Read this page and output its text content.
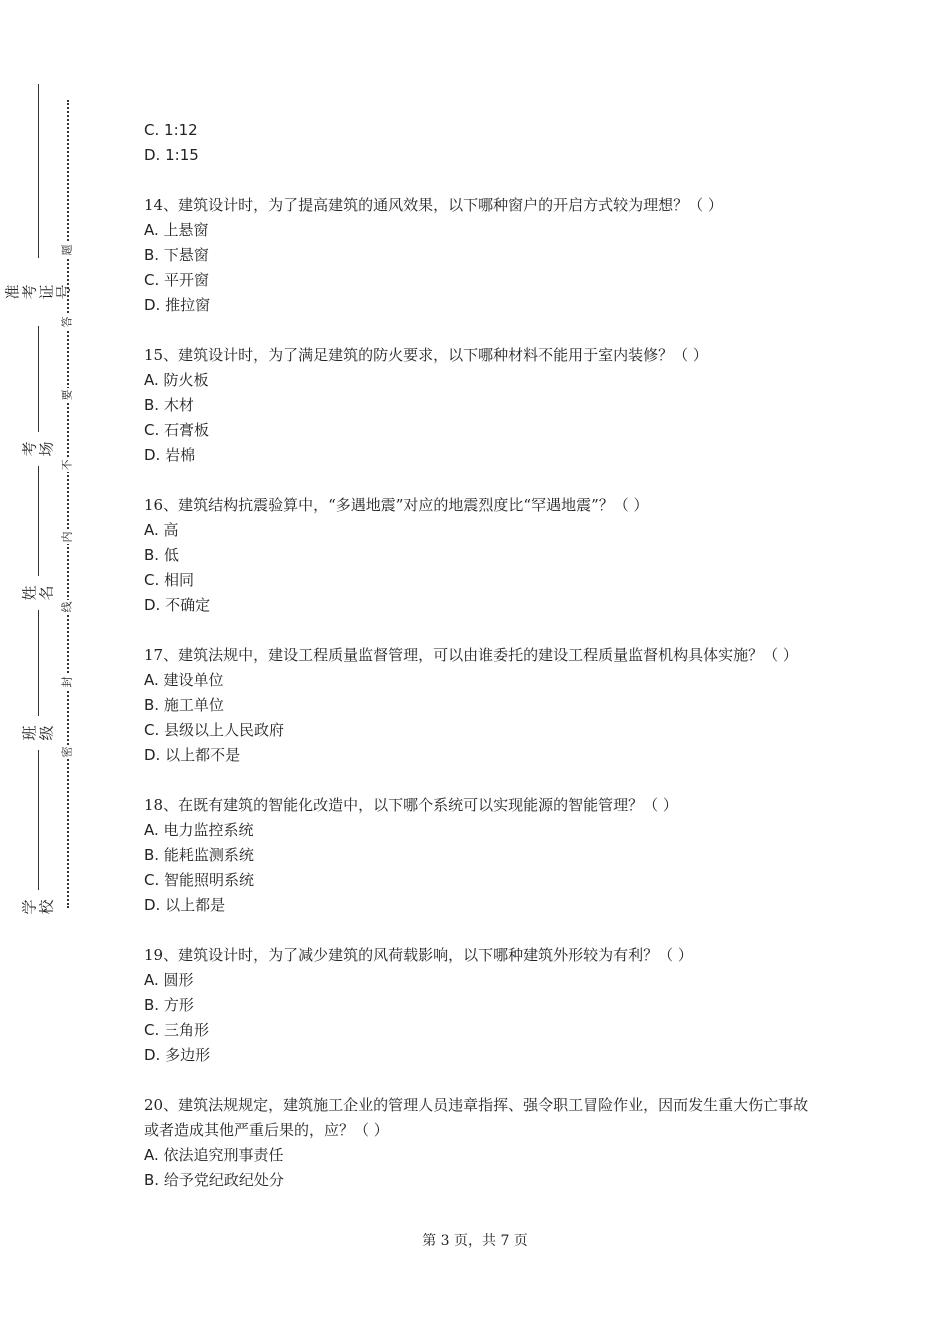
准考证号
考场
姓名
班级
学校
题
答
要
不
内
线
封
密
C. 1:12
D. 1:15
14、建筑设计时，为了提高建筑的通风效果，以下哪种窗户的开启方式较为理想？（ ）
A. 上悬窗
B. 下悬窗
C. 平开窗
D. 推拉窗
15、建筑设计时，为了满足建筑的防火要求，以下哪种材料不能用于室内装修？（ ）
A. 防火板
B. 木材
C. 石膏板
D. 岩棉
16、建筑结构抗震验算中，“多遇地震”对应的地震烈度比“罕遇地震”？（ ）
A. 高
B. 低
C. 相同
D. 不确定
17、建筑法规中，建设工程质量监督管理，可以由谁委托的建设工程质量监督机构具体实施？（ ）
A. 建设单位
B. 施工单位
C. 县级以上人民政府
D. 以上都不是
18、在既有建筑的智能化改造中，以下哪个系统可以实现能源的智能管理？（ ）
A. 电力监控系统
B. 能耗监测系统
C. 智能照明系统
D. 以上都是
19、建筑设计时，为了减少建筑的风荷载影响，以下哪种建筑外形较为有利？（ ）
A. 圆形
B. 方形
C. 三角形
D. 多边形
20、建筑法规规定，建筑施工企业的管理人员违章指挥、强令职工冒险作业，因而发生重大伤亡事故或者造成其他严重后果的，应？（ ）
A. 依法追究刑事责任
B. 给予党纪政纪处分
第 3 页，共 7 页
